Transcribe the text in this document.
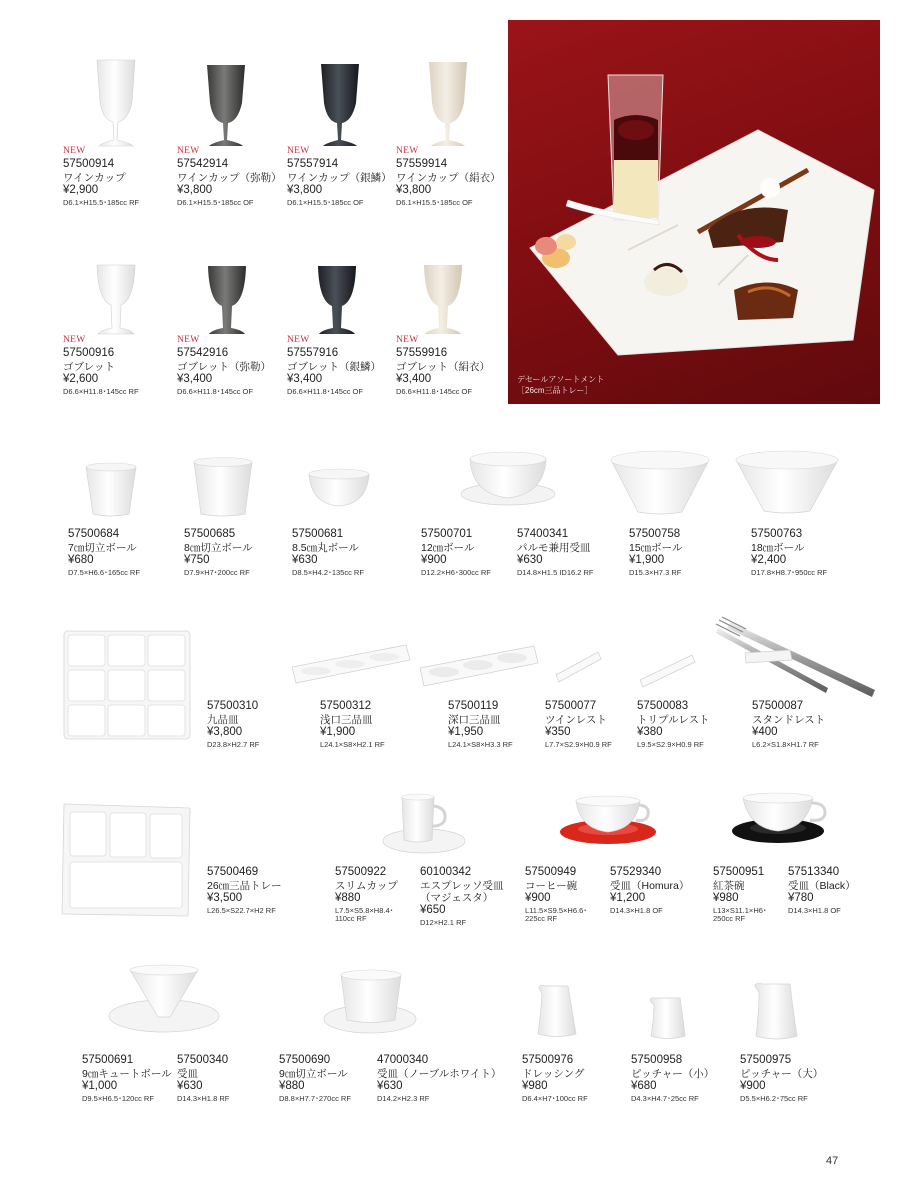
デセールアソートメント
［26cm三品トレー］
NEW
57500914
ワインカップ
¥2,900
D6.1×H15.5･185cc RF
NEW
57542914
ワインカップ（弥勒）
¥3,800
D6.1×H15.5･185cc OF
NEW
57557914
ワインカップ（銀鱗）
¥3,800
D6.1×H15.5･185cc OF
NEW
57559914
ワインカップ（絹衣）
¥3,800
D6.1×H15.5･185cc OF
NEW
57500916
ゴブレット
¥2,600
D6.6×H11.8･145cc RF
NEW
57542916
ゴブレット（弥勒）
¥3,400
D6.6×H11.8･145cc OF
NEW
57557916
ゴブレット（銀鱗）
¥3,400
D6.6×H11.8･145cc OF
NEW
57559916
ゴブレット（絹衣）
¥3,400
D6.6×H11.8･145cc OF
57500684
7㎝切立ボール
¥680
D7.5×H6.6･165cc RF
57500685
8㎝切立ボール
¥750
D7.9×H7･200cc RF
57500681
8.5㎝丸ボール
¥630
D8.5×H4.2･135cc RF
57500701
12㎝ボール
¥900
D12.2×H6･300cc RF
57400341
パルモ兼用受皿
¥630
D14.8×H1.5 ID16.2 RF
57500758
15㎝ボール
¥1,900
D15.3×H7.3 RF
57500763
18㎝ボール
¥2,400
D17.8×H8.7･950cc RF
57500310
九品皿
¥3,800
D23.8×H2.7 RF
57500312
浅口三品皿
¥1,900
L24.1×S8×H2.1 RF
57500119
深口三品皿
¥1,950
L24.1×S8×H3.3 RF
57500077
ツインレスト
¥350
L7.7×S2.9×H0.9 RF
57500083
トリプルレスト
¥380
L9.5×S2.9×H0.9 RF
57500087
スタンドレスト
¥400
L6.2×S1.8×H1.7 RF
57500469
26㎝三品トレー
¥3,500
L26.5×S22.7×H2 RF
57500922
スリムカップ
¥880
L7.5×S5.8×H8.4･
110cc RF
60100342
エスプレッソ受皿
（マジェスタ）
¥650
D12×H2.1 RF
57500949
コーヒー碗
¥900
L11.5×S9.5×H6.6･
225cc RF
57529340
受皿（Homura）
¥1,200
D14.3×H1.8 OF
57500951
紅茶碗
¥980
L13×S11.1×H6･
250cc RF
57513340
受皿（Black）
¥780
D14.3×H1.8 OF
57500691
9㎝キュートボール
¥1,000
D9.5×H6.5･120cc RF
57500340
受皿
¥630
D14.3×H1.8 RF
57500690
9㎝切立ボール
¥880
D8.8×H7.7･270cc RF
47000340
受皿（ノーブルホワイト）
¥630
D14.2×H2.3 RF
57500976
ドレッシング
¥980
D6.4×H7･100cc RF
57500958
ピッチャー（小）
¥680
D4.3×H4.7･25cc RF
57500975
ピッチャー（大）
¥900
D5.5×H6.2･75cc RF
47
